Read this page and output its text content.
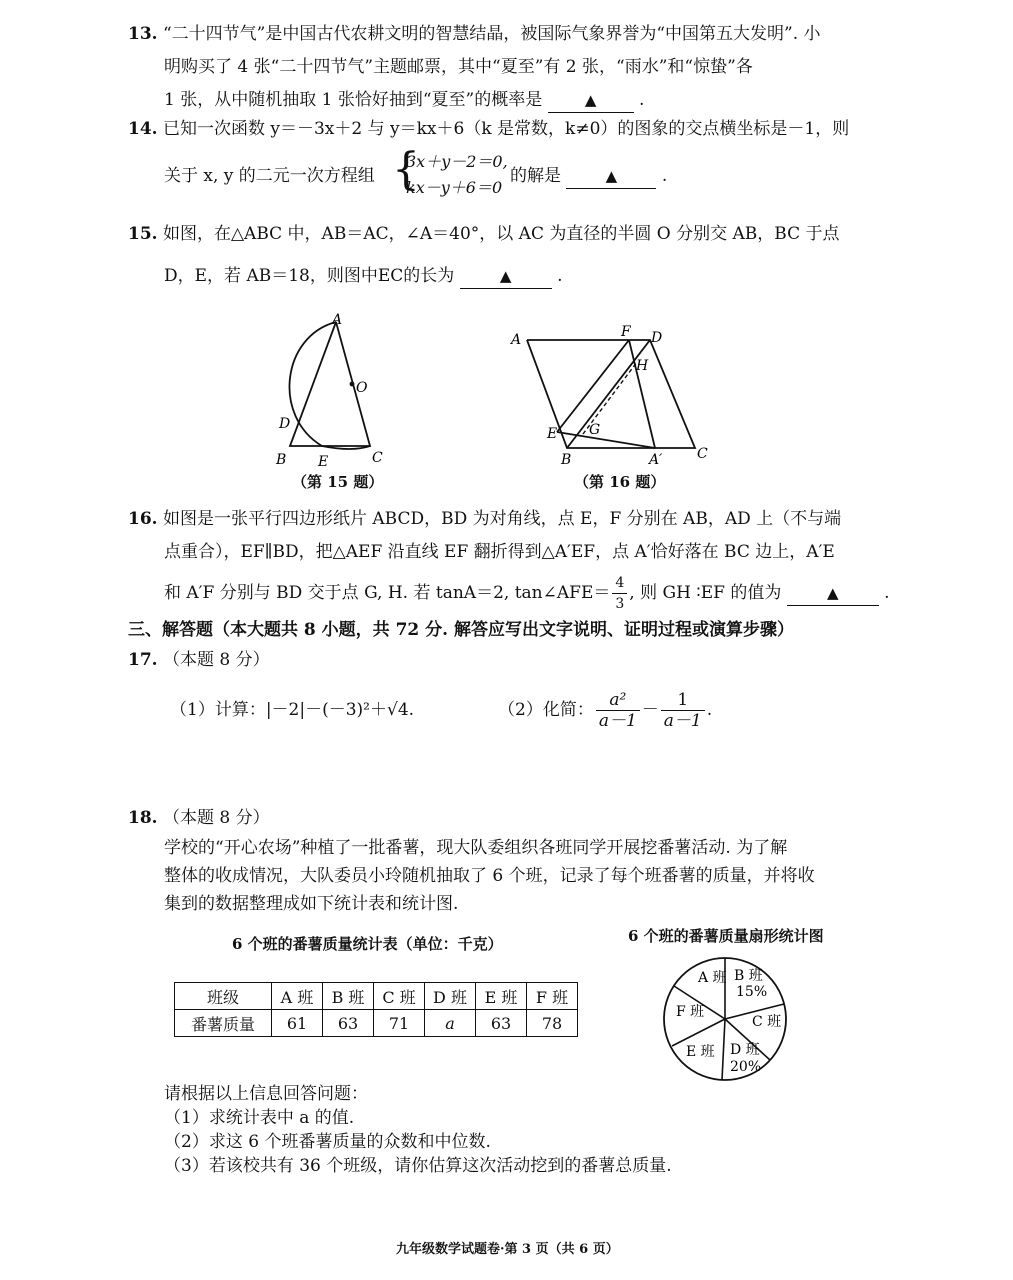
13. “二十四节气”是中国古代农耕文明的智慧结晶，被国际气象界誉为“中国第五大发明”. 小
明购买了 4 张“二十四节气”主题邮票，其中“夏至”有 2 张，“雨水”和“惊蛰”各
1 张，从中随机抽取 1 张恰好抽到“夏至”的概率是	▲	.
14. 已知一次函数 y＝－3x＋2 与 y＝kx＋6（k 是常数，k≠0）的图象的交点横坐标是－1，则
关于 x, y 的二元一次方程组 {
3x＋y－2＝0,
kx－y＋6＝0
的解是	▲	.
15. 如图，在△ABC 中，AB＝AC，∠A＝40°，以 AC 为直径的半圆 O 分别交 AB，BC 于点
D，E，若 AB＝18，则图中EC的长为	▲	.
A
O
D
B E	C
（第 15 题）
A	F D
H
E G
B	A′ C
（第 16 题）
16. 如图是一张平行四边形纸片 ABCD，BD 为对角线，点 E，F 分别在 AB，AD 上（不与端
点重合），EF∥BD，把△AEF 沿直线 EF 翻折得到△A′EF，点 A′恰好落在 BC 边上，A′E
和 A′F 分别与 BD 交于点 G, H. 若 tanA＝2, tan∠AFE＝ $\frac{4}{3}$ , 则 GH ∶EF 的值为	▲	.
三、解答题（本大题共 8 小题，共 72 分. 解答应写出文字说明、证明过程或演算步骤）
17. （本题 8 分）
（1）计算：|－2|－(－3)²＋√4.	（2）化简： $\frac{\text{a²}}{a-1} - \frac{1}{a-1}$ .
18. （本题 8 分）
学校的“开心农场”种植了一批番薯，现大队委组织各班同学开展挖番薯活动. 为了解
整体的收成情况，大队委员小玲随机抽取了 6 个班，记录了每个班番薯的质量，并将收
集到的数据整理成如下统计表和统计图.
6 个班的番薯质量统计表（单位：千克）	6 个班的番薯质量扇形统计图
班级	A 班	B 班	C 班	D 班	E 班	F 班
番薯质量	61	63	71	a	63	78
A 班 B 班
15%
C 班
D 班
20%
E 班
F 班
请根据以上信息回答问题：
（1）求统计表中 a 的值.
（2）求这 6 个班番薯质量的众数和中位数.
（3）若该校共有 36 个班级，请你估算这次活动挖到的番薯总质量.
九年级数学试题卷·第 3 页（共 6 页）
